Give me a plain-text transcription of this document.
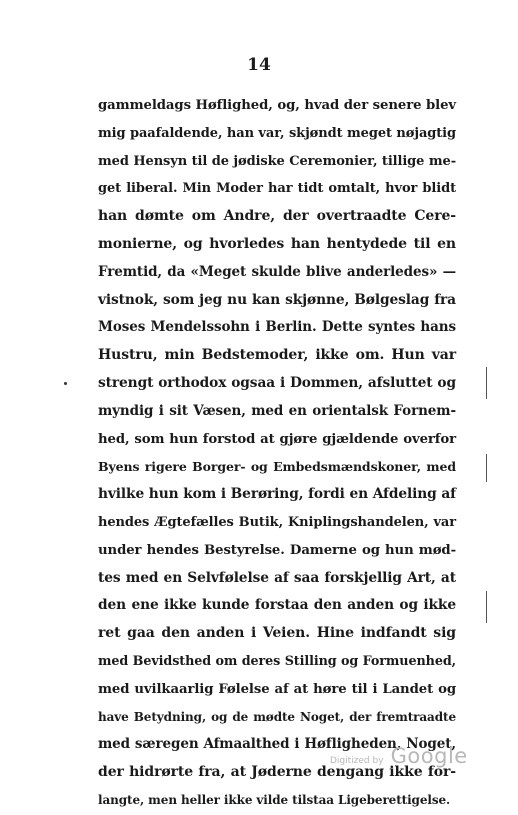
14
gammeldags Høflighed, og, hvad der senere blev
mig paafaldende, han var, skjøndt meget nøjagtig
med Hensyn til de jødiske Ceremonier, tillige me-
get liberal. Min Moder har tidt omtalt, hvor blidt
han dømte om Andre, der overtraadte Cere-
monierne, og hvorledes han hentydede til en
Fremtid, da «Meget skulde blive anderledes» —
vistnok, som jeg nu kan skjønne, Bølgeslag fra
Moses Mendelssohn i Berlin. Dette syntes hans
Hustru, min Bedstemoder, ikke om. Hun var
strengt orthodox ogsaa i Dommen, afsluttet og
myndig i sit Væsen, med en orientalsk Fornem-
hed, som hun forstod at gjøre gjældende overfor
Byens rigere Borger- og Embedsmændskoner, med
hvilke hun kom i Berøring, fordi en Afdeling af
hendes Ægtefælles Butik, Kniplingshandelen, var
under hendes Bestyrelse. Damerne og hun mød-
tes med en Selvfølelse af saa forskjellig Art, at
den ene ikke kunde forstaa den anden og ikke
ret gaa den anden i Veien. Hine indfandt sig
med Bevidsthed om deres Stilling og Formuenhed,
med uvilkaarlig Følelse af at høre til i Landet og
have Betydning, og de mødte Noget, der fremtraadte
med særegen Afmaalthed i Høfligheden, Noget,
der hidrørte fra, at Jøderne dengang ikke for-
langte, men heller ikke vilde tilstaa Ligeberettigelse.
Digitized by Google
